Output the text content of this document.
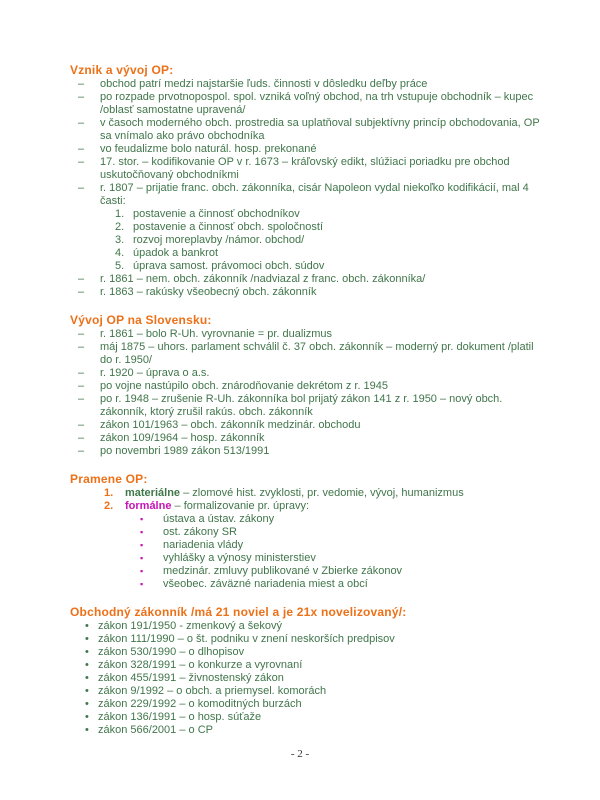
Vznik a vývoj OP:
–	obchod patrí medzi najstaršie ľuds. činnosti v dôsledku deľby práce
–	po rozpade prvotnopospol. spol. vzniká voľný obchod, na trh vstupuje obchodník – kupec /oblasť samostatne upravená/
–	v časoch moderného obch. prostredia sa uplatňoval subjektívny princíp obchodovania, OP sa vnímalo ako právo obchodníka
–	vo feudalizme bolo naturál. hosp. prekonané
–	17. stor. – kodifikovanie OP v r. 1673 – kráľovský edikt, slúžiaci poriadku pre obchod uskutočňovaný obchodníkmi
–	r. 1807 – prijatie franc. obch. zákonníka, cisár Napoleon vydal niekoľko kodifikácií, mal 4 časti:
1. postavenie a činnosť obchodníkov
2. postavenie a činnosť obch. spoločností
3. rozvoj moreplavby /námor. obchod/
4. úpadok a bankrot
5. úprava samost. právomoci obch. súdov
–	r. 1861 – nem. obch. zákonník /nadviazal z franc. obch. zákonníka/
–	r. 1863 – rakúsky všeobecný obch. zákonník
Vývoj OP na Slovensku:
–	r. 1861 – bolo R-Uh. vyrovnanie = pr. dualizmus
–	máj 1875 – uhors. parlament schválil č. 37 obch. zákonník – moderný pr. dokument /platil do r. 1950/
–	r. 1920 – úprava o a.s.
–	po vojne nastúpilo obch. znárodňovanie dekrétom z r. 1945
–	po r. 1948 – zrušenie R-Uh. zákonníka bol prijatý zákon 141 z r. 1950 – nový obch. zákonník, ktorý zrušil rakús. obch. zákonník
–	zákon 101/1963 – obch. zákonník medzinár. obchodu
–	zákon 109/1964 – hosp. zákonník
–	po novembri 1989 zákon 513/1991
Pramene OP:
1.	materiálne – zlomové hist. zvyklosti, pr. vedomie, vývoj, humanizmus
2.	formálne – formalizovanie pr. úpravy:
▪	ústava a ústav. zákony
▪	ost. zákony SR
▪	nariadenia vlády
▪	vyhlášky a výnosy ministerstiev
▪	medzinár. zmluvy publikované v Zbierke zákonov
▪	všeobec. záväzné nariadenia miest a obcí
Obchodný zákonník /má 21 noviel a je 21x novelizovaný/:
• zákon 191/1950 - zmenkový a šekový
• zákon 111/1990 – o št. podniku v znení neskorších predpisov
• zákon 530/1990 – o dlhopisov
• zákon 328/1991 – o konkurze a vyrovnaní
• zákon 455/1991 – živnostenský zákon
• zákon 9/1992 – o obch. a priemysel. komorách
• zákon 229/1992 – o komoditných burzách
• zákon 136/1991 – o hosp. súťaže
• zákon 566/2001 – o CP
- 2 -
